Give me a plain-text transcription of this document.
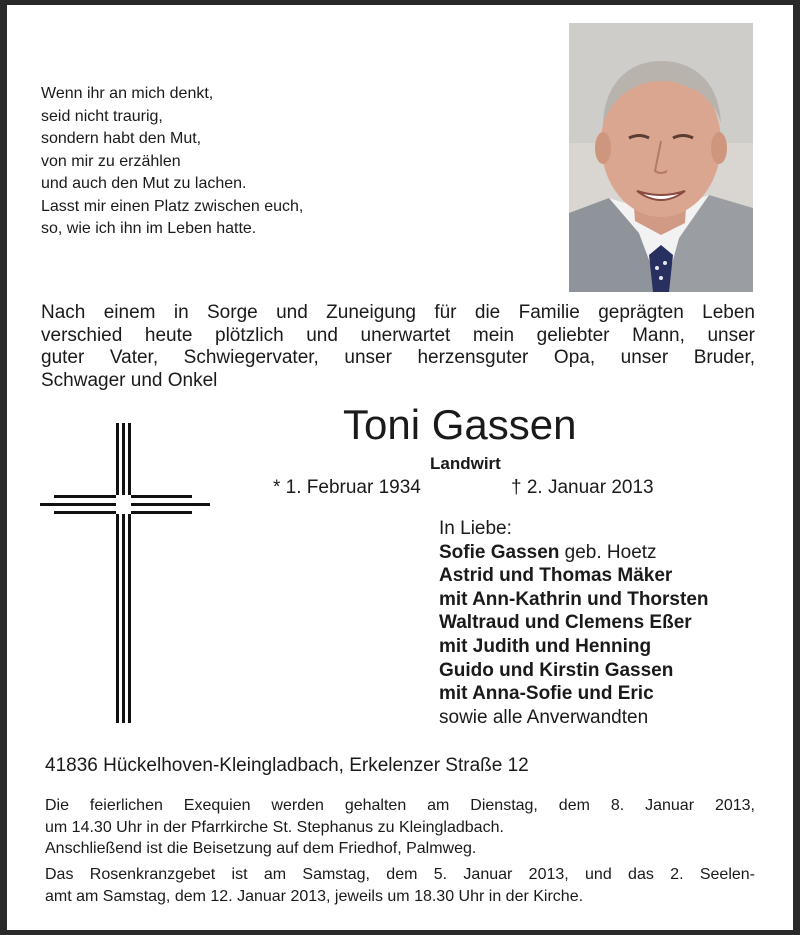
Wenn ihr an mich denkt,
seid nicht traurig,
sondern habt den Mut,
von mir zu erzählen
und auch den Mut zu lachen.
Lasst mir einen Platz zwischen euch,
so, wie ich ihn im Leben hatte.
Nach einem in Sorge und Zuneigung für die Familie geprägten Leben
verschied heute plötzlich und unerwartet mein geliebter Mann, unser
guter Vater, Schwiegervater, unser herzensguter Opa, unser Bruder,
Schwager und Onkel
Toni Gassen
Landwirt
* 1. Februar 1934	† 2. Januar 2013
In Liebe:
Sofie Gassen geb. Hoetz
Astrid und Thomas Mäker
mit Ann-Kathrin und Thorsten
Waltraud und Clemens Eßer
mit Judith und Henning
Guido und Kirstin Gassen
mit Anna-Sofie und Eric
sowie alle Anverwandten
41836 Hückelhoven-Kleingladbach, Erkelenzer Straße 12
Die feierlichen Exequien werden gehalten am Dienstag, dem 8. Januar 2013,
um 14.30 Uhr in der Pfarrkirche St. Stephanus zu Kleingladbach.
Anschließend ist die Beisetzung auf dem Friedhof, Palmweg.
Das Rosenkranzgebet ist am Samstag, dem 5. Januar 2013, und das 2. Seelen-
amt am Samstag, dem 12. Januar 2013, jeweils um 18.30 Uhr in der Kirche.
